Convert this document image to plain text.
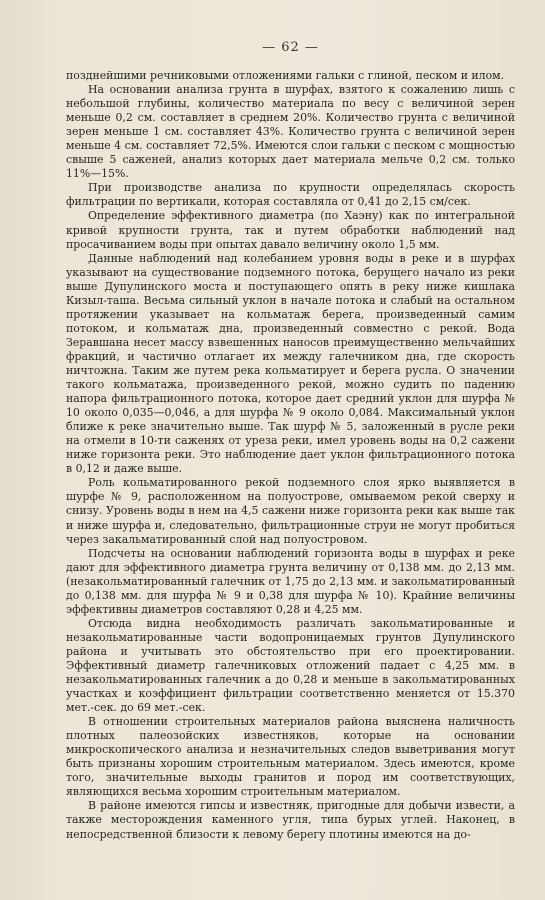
— 62 —

позднейшими речниковыми отложениями гальки с глиной, песком и илом.

На основании анализа грунта в шурфах, взятого к сожалению лишь с небольшой глубины, количество материала по весу с величиной зерен меньше 0,2 см. составляет в среднем 20%. Количество грунта с величиной зерен меньше 1 см. составляет 43%. Количество грунта с величиной зерен меньше 4 см. составляет 72,5%. Имеются слои гальки с песком с мощностью свыше 5 саженей, анализ которых дает материала мельче 0,2 см. только 11%—15%.

При производстве анализа по крупности определялась скорость фильтрации по вертикали, которая составляла от 0,41 до 2,15 см/сек.

Определение эффективного диаметра (по Хаэну) как по интегральной кривой крупности грунта, так и путем обработки наблюдений над просачиванием воды при опытах давало величину около 1,5 мм.

Данные наблюдений над колебанием уровня воды в реке и в шурфах указывают на существование подземного потока, берущего начало из реки выше Дупулинского моста и поступающего опять в реку ниже кишлака Кизыл-таша. Весьма сильный уклон в начале потока и слабый на остальном протяжении указывает на кольматаж берега, произведенный самим потоком, и кольматаж дна, произведенный совместно с рекой. Вода Зеравшана несет массу взвешенных наносов преимущественно мельчайших фракций, и частично отлагает их между галечником дна, где скорость ничтожна. Таким же путем река кольматирует и берега русла. О значении такого кольматажа, произведенного рекой, можно судить по падению напора фильтрационного потока, которое дает средний уклон для шурфа № 10 около 0,035—0,046, а для шурфа № 9 около 0,084. Максимальный уклон ближе к реке значительно выше. Так шурф № 5, заложенный в русле реки на отмели в 10-ти саженях от уреза реки, имел уровень воды на 0,2 сажени ниже горизонта реки. Это наблюдение дает уклон фильтрационного потока в 0,12 и даже выше.

Роль кольматированного рекой подземного слоя ярко выявляется в шурфе № 9, расположенном на полуострове, омываемом рекой сверху и снизу. Уровень воды в нем на 4,5 сажени ниже горизонта реки как выше так и ниже шурфа и, следовательно, фильтрационные струи не могут пробиться через закальматированный слой над полуостровом.

Подсчеты на основании наблюдений горизонта воды в шурфах и реке дают для эффективного диаметра грунта величину от 0,138 мм. до 2,13 мм. (незакольматированный галечник от 1,75 до 2,13 мм. и закольматированный до 0,138 мм. для шурфа № 9 и 0,38 для шурфа № 10). Крайние величины эффективны диаметров составляют 0,28 и 4,25 мм.

Отсюда видна необходимость различать закольматированные и незакольматированные части водопроницаемых грунтов Дупулинского района и учитывать это обстоятельство при его проектировании. Эффективный диаметр галечниковых отложений падает с 4,25 мм. в незакольматированных галечник а до 0,28 и меньше в закольматированных участках и коэффициент фильтрации соответственно меняется от 15.370 мет.-сек. до 69 мет.-сек.

В отношении строительных материалов района выяснена наличность плотных палеозойских известняков, которые на основании микроскопического анализа и незначительных следов выветривания могут быть признаны хорошим строительным материалом. Здесь имеются, кроме того, значительные выходы гранитов и пород им соответствующих, являющихся весьма хорошим строительным материалом.

В районе имеются гипсы и известняк, пригодные для добычи извести, а также месторождения каменного угля, типа бурых углей. Наконец, в непосредственной близости к левому берегу плотины имеются на до-
